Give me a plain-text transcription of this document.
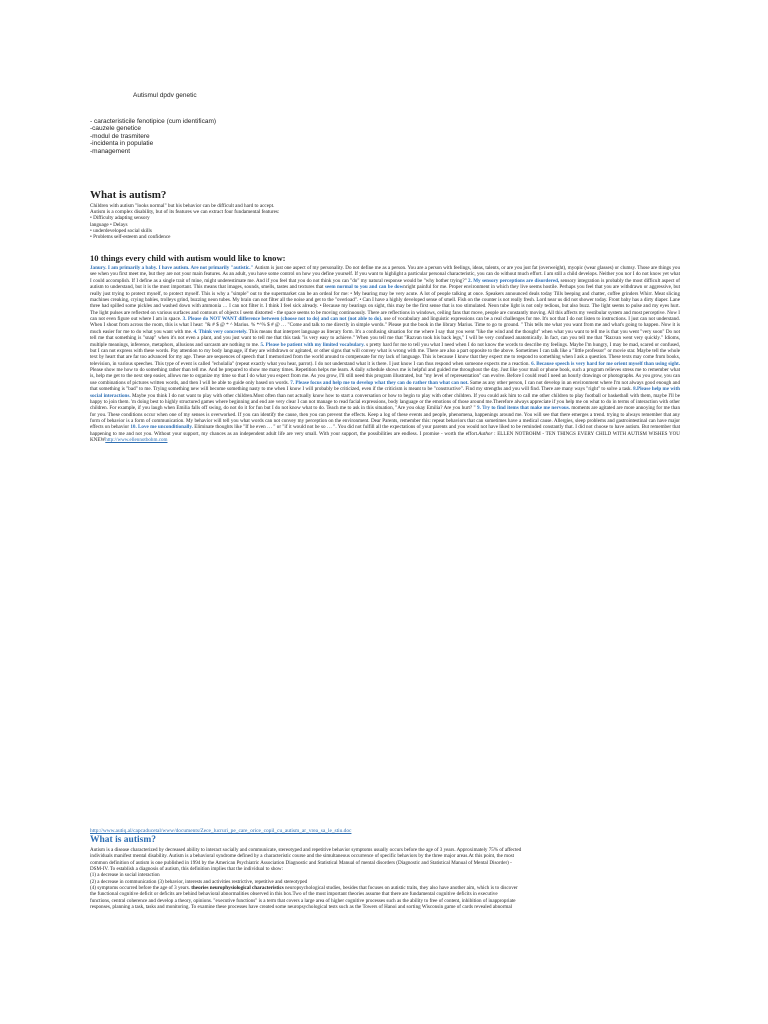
Autismul dpdv genetic
- caracteristicile fenotipice (cum identificam)
-cauzele genetice
-modul de trasmitere
-incidenta in populatie
-management
What is autism?
Children with autism "looks normal" but his behavior can be difficult and hard to accept.
Autism is a complex disability, but of its features we can extract four fundamental features:
• Difficulty adapting sensory
language • Delays
• underdeveloped social skills
• Problems self-esteem and confidence
10 things every child with autism would like to know:
Janury. I am primarily a baby. I have autism. Are not primarily "autistic." Autism is just one aspect of my personality. Do not define me as a person. You are a person with feelings, ideas, talents, or are you just fat (overweight), myopic (wear glasses) or clumsy. Those are things you see when you first meet me, but they are not your main features. As an adult, you have some control on how you define yourself. If you want to highlight a particular personal characteristic, you can do without much effort. I am still a child develops. Neither you nor I do not know yet what I could accomplish. If I define as a single trait of mine, might underestimate me. And if you feel that you do not think you can "do" my natural response would be "why bother trying?" 2. My sensory perceptions are disordered, sensory integration is probably the most difficult aspect of autism to understand, but it is the most important. This means that images, sounds, smells, tastes and textures that seem normal to you and can be downright painful for me. Proper environment in which they live seems hostile. Perhaps you feel that you are withdrawn or aggressive, but really just trying to protect myself, to protect myself. This is why a "simple" out to the supermarket can be an ordeal for me: • My hearing may be very acute. A lot of people talking at once. Speakers announced deals today Tills beeping and chatter, coffee grinders Whirr. Meat slicing machines creaking, crying babies, trolleys grind, buzzing neon tubes. My brain can not filter all the noise and get to the "overload". • Can I have a highly developed sense of smell. Fish on the counter is not really fresh. Lord near us did not shower today. Front baby has a dirty diaper. Lane three had spilled some pickles and washed down with ammonia … I can not filter it. I think I feel sick already. • Because my bearings on sight, this may be the first sense that is too stimulated. Neon tube light is not only tedious, but also buzz. The light seems to pulse and my eyes hurt. The light pulses are reflected on various surfaces and contours of objects I seem distorted - the space seems to be moving continuously. There are reflections in windows, ceiling fans that move, people are constantly moving. All this affects my vestibular system and most perceptive. Now I can not even figure out where I am in space. 3. Please do NOT WANT difference between (choose not to do) and can not (not able to do). use of vocabulary and linguistic expressions can be a real challenges for me. It's not that I do not listen to instructions. I just can not understand. When I shout from across the room, this is what I hear: "& # $ @ * ^ Marius. % *^% $ # @ … "Come and talk to me directly in simple words." Please put the book in the library Marius. Time to go to ground. " This tells me what you want from me and what's going to happen. Now it is much easier for me to do what you want with me. 4. Think very concretely. This means that interpret language as literary form. It's a confusing situation for me where I say that you went "like the wind and the thought" when what you want to tell me is that you went "very soon" Do not tell me that something is "snap" when it's not even a plant, and you just want to tell me that this task "is very easy to achieve." When you tell me that "Razvan took his back legs," I will be very confused anatomically. In fact, can you tell me that "Razvan went very quickly." Idioms, multiple meanings, inference, metaphors, allusions and sarcasm are nothing to me. 5. Please be patient with my limited vocabulary. s pretty hard for me to tell you what I need when I do not know the words to describe my feelings. Maybe I'm hungry, I may be mad, scared or confused, but I can not express with these words. Pay attention to my body language, if they are withdrawn or agitated, or other signs that will convey what is wrong with me. There are also a part opposite to the above. Sometimes I can talk like a "little professor" or movie star. Maybe tell the whole text by heart that are far too advanced for my age. These are sequences of speech that I memorized from the world around to compensate for my lack of language. This is because I know that they expect me to respond to something when I ask a question. These texts may come from books, television, in various speeches. This type of event is called "echolalia" (repeat exactly what you hear, parrot). I do not understand what it is there. I just know I can thus respond when someone expects me a reaction. 6. Because speech is very hard for me orient myself than using sight. Please show me how to do something rather than tell me. And be prepared to show me many times. Repetition helps me learn. A daily schedule shows me is helpful and guided me throughout the day. Just like your mail or phone book, such a program relieves stress me to remember what is, help me get to the next step easier, allows me to organize my time so that I do what you expect from me. As you grow, I'll still need this program illustrated, but "my level of representation" can evolve. Before I could read I need an hourly drawings or photographs. As you grow, you can use combinations of pictures written words, and then I will be able to guide only based on words. 7. Please focus and help me to develop what they can do rather than what can not. Same as any other person, I can not develop in an environment where I'm not always good enough and that something is "bad" to me. Trying something new will become something nasty to me when I know I will probably be criticized, even if the criticism is meant to be "constructive". Find my strengths and you will find. There are many ways "right" to solve a task. 8.Please help me with social interactions. Maybe you think I do not want to play with other children.Most often than not actually know how to start a conversation or how to begin to play with other children. If you could ask him to call me other children to play football or basketball with them, maybe I'll be happy to join them. 'm doing best to highly structured games where beginning and end are very clear I can not manage to read facial expressions, body language or the emotions of those around me.Therefore always appreciate if you help me on what to do in terms of interaction with other children. For example, if you laugh when Emilia falls off swing, do not do it for fun but I do not know what to do. Teach me to ask in this situation, "Are you okay Emilia? Are you hurt? " 9. Try to find items that make me nervous. moments are agitated are more annoying for me than for you. These conditions occur when one of my senses is overworked. If you can identify the cause, then you can prevent the effects. Keep a log of these events and people, phenomena, happenings around me. You will see that there emerges a trend. trying to always remember that any form of behavior is a form of communication. My behavior will tell you what words can not convey my perception on the environment. Dear Parents, remember this: repeat behaviors that can sometimes have a medical cause. Allergies, sleep problems and gastrointestinal can have major effects on behavior 10. Love me unconditionally. Eliminate thoughts like "If he even … " or "if it would not be so … ". You did not fulfill all the expectations of your parents and you would not have liked to be reminded constantly that. I did not choose to have autism. But remember that happening to me and not you. Without your support, my chances as an independent adult life are very small. With your support, the possibilities are endless. I promise - worth the effort.Author : ELLEN NOTBOHM - TEN THINGS EVERY CHILD WITH AUTISM WISHES YOU KNEWhttp://www.ellennotbohm.com
http://www.autiq.al/capcaducetal/www/documents/Zece_lucruri_pe_care_orice_copil_cu_autism_ar_vrea_sa_le_stiu.doc
What is autism?
Autism is a disease characterized by decreased ability to interact socially and communicate, stereotyped and repetitive behavior symptoms usually occurs before the age of 3 years. Approximately 75% of affected
individuals manifest mental disability. Autism is a behavioral syndrome defined by a characteristic course and the simultaneous occurrence of specific behaviors by the three major areas.At this point, the most
common definition of autism is one published in 1994 by the American Psychiatric Association Diagnostic and Statistical Manual of mental disorders (Diagnostic and Statistical Manual of Mental Disorder) -
DSM-IV. To establish a diagnosis of autism, this definition implies that the individual to show:
(1) a decrease in social interaction
(2) a decrease in communication (3) behavior, interests and activities restrictive, repetitive and stereotyped
(4) symptoms occurred before the age of 3 years. theories neurophysiological characteristics neuropsychological studies, besides that focuses on autistic traits, they also have another aim, which is to discover
the functional cognitive deficit or deficits are behind behavioral abnormalities observed in this box.Two of the most important theories assume that there are fundamental cognitive deficits in executive
functions, central coherence and develop a theory, opinions. "executive functions" is a term that covers a large area of higher cognitive processes such as the ability to free of content, inhibition of inappropriate
responses, planning a task, tasks and monitoring. To examine these processes have created some neuropsychological tests such as the Towers of Hanoi and sorting Wisconsin game of cards revealed abnormal
